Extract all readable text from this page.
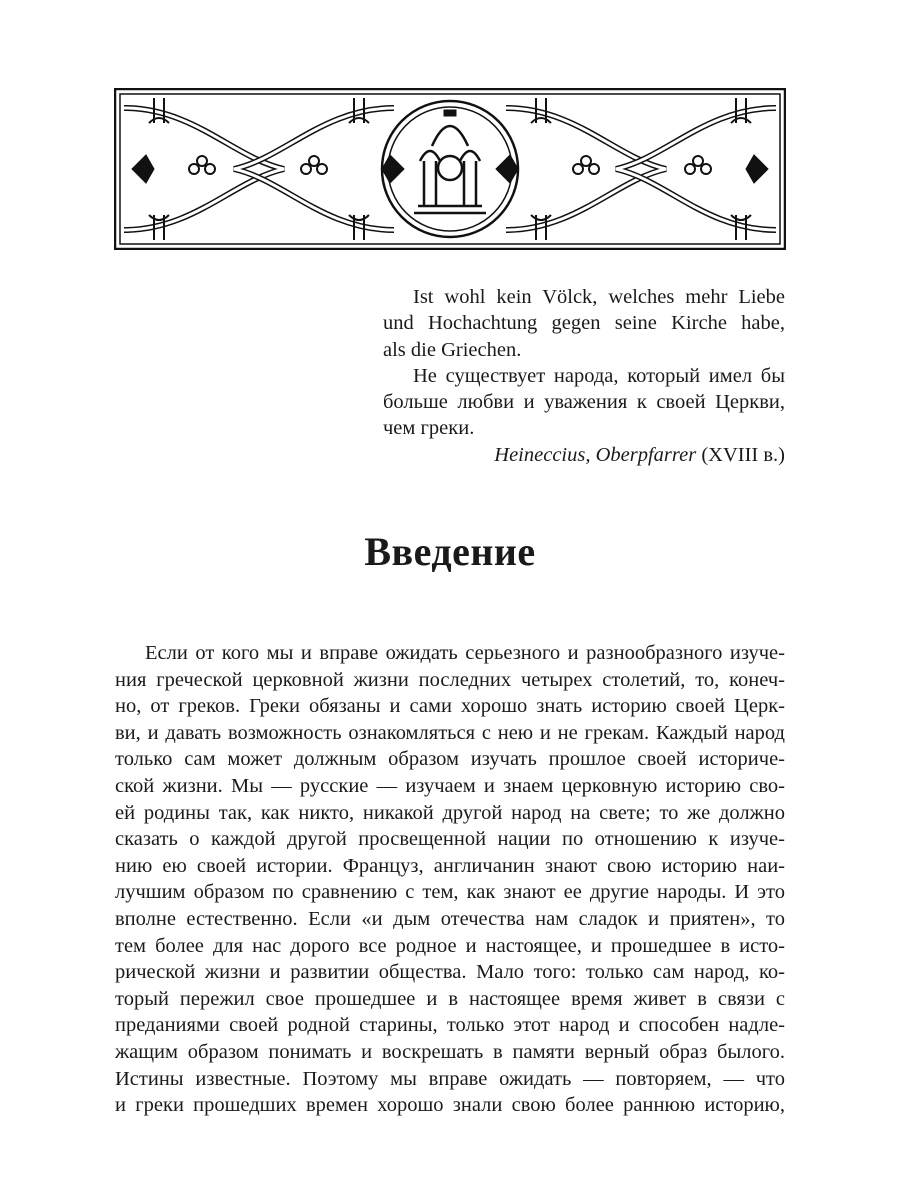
Ist wohl kein Völck, welches mehr Liebe
und Hochachtung gegen seine Kirche habe,
als die Griechen.
Не существует народа, который имел бы
больше любви и уважения к своей Церкви,
чем греки.
Heineccius, Oberpfarrer (XVIII в.)
Введение
Если от кого мы и вправе ожидать серьезного и разнообразного изуче-
ния греческой церковной жизни последних четырех столетий, то, конеч-
но, от греков. Греки обязаны и сами хорошо знать историю своей Церк-
ви, и давать возможность ознакомляться с нею и не грекам. Каждый народ
только сам может должным образом изучать прошлое своей историче-
ской жизни. Мы — русские — изучаем и знаем церковную историю сво-
ей родины так, как никто, никакой другой народ на свете; то же должно
сказать о каждой другой просвещенной нации по отношению к изуче-
нию ею своей истории. Француз, англичанин знают свою историю наи-
лучшим образом по сравнению с тем, как знают ее другие народы. И это
вполне естественно. Если «и дым отечества нам сладок и приятен», то
тем более для нас дорого все родное и настоящее, и прошедшее в исто-
рической жизни и развитии общества. Мало того: только сам народ, ко-
торый пережил свое прошедшее и в настоящее время живет в связи с
преданиями своей родной старины, только этот народ и способен надле-
жащим образом понимать и воскрешать в памяти верный образ былого.
Истины известные. Поэтому мы вправе ожидать — повторяем, — что
и греки прошедших времен хорошо знали свою более раннюю историю,
